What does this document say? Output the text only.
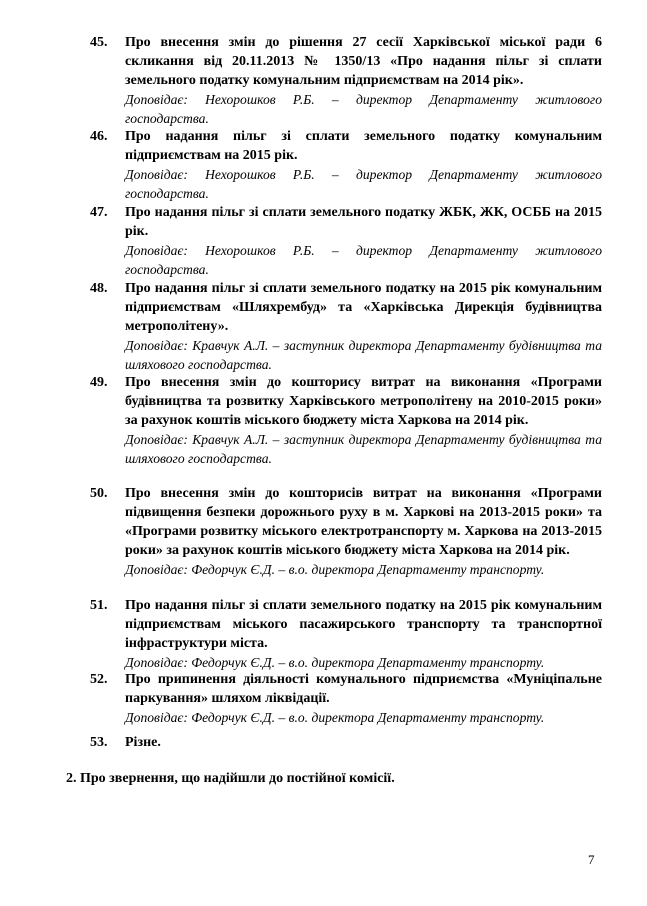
45. Про внесення змін до рішення 27 сесії Харківської міської ради 6 скликання від 20.11.2013 № 1350/13 «Про надання пільг зі сплати земельного податку комунальним підприємствам на 2014 рік».

Доповідає: Нехорошков Р.Б. – директор Департаменту житлового господарства.

46. Про надання пільг зі сплати земельного податку комунальним підприємствам на 2015 рік.

Доповідає: Нехорошков Р.Б. – директор Департаменту житлового господарства.

47. Про надання пільг зі сплати земельного податку ЖБК, ЖК, ОСББ на 2015 рік.

Доповідає: Нехорошков Р.Б. – директор Департаменту житлового господарства.

48. Про надання пільг зі сплати земельного податку на 2015 рік комунальним підприємствам «Шляхрембуд» та «Харківська Дирекція будівництва метрополітену».

Доповідає: Кравчук А.Л. – заступник директора Департаменту будівництва та шляхового господарства.

49. Про внесення змін до кошторису витрат на виконання «Програми будівництва та розвитку Харківського метрополітену на 2010-2015 роки» за рахунок коштів міського бюджету міста Харкова на 2014 рік.

Доповідає: Кравчук А.Л. – заступник директора Департаменту будівництва та шляхового господарства.

50. Про внесення змін до кошторисів витрат на виконання «Програми підвищення безпеки дорожнього руху в м. Харкові на 2013-2015 роки» та «Програми розвитку міського електротранспорту м. Харкова на 2013-2015 роки» за рахунок коштів міського бюджету міста Харкова на 2014 рік.

Доповідає: Федорчук Є.Д. – в.о. директора Департаменту транспорту.

51. Про надання пільг зі сплати земельного податку на 2015 рік комунальним підприємствам міського пасажирського транспорту та транспортної інфраструктури міста.

Доповідає: Федорчук Є.Д. – в.о. директора Департаменту транспорту.

52. Про припинення діяльності комунального підприємства «Муніціпальне паркування» шляхом ліквідації.

Доповідає: Федорчук Є.Д. – в.о. директора Департаменту транспорту.

53. Різне.

2. Про звернення, що надійшли до постійної комісії.
7
